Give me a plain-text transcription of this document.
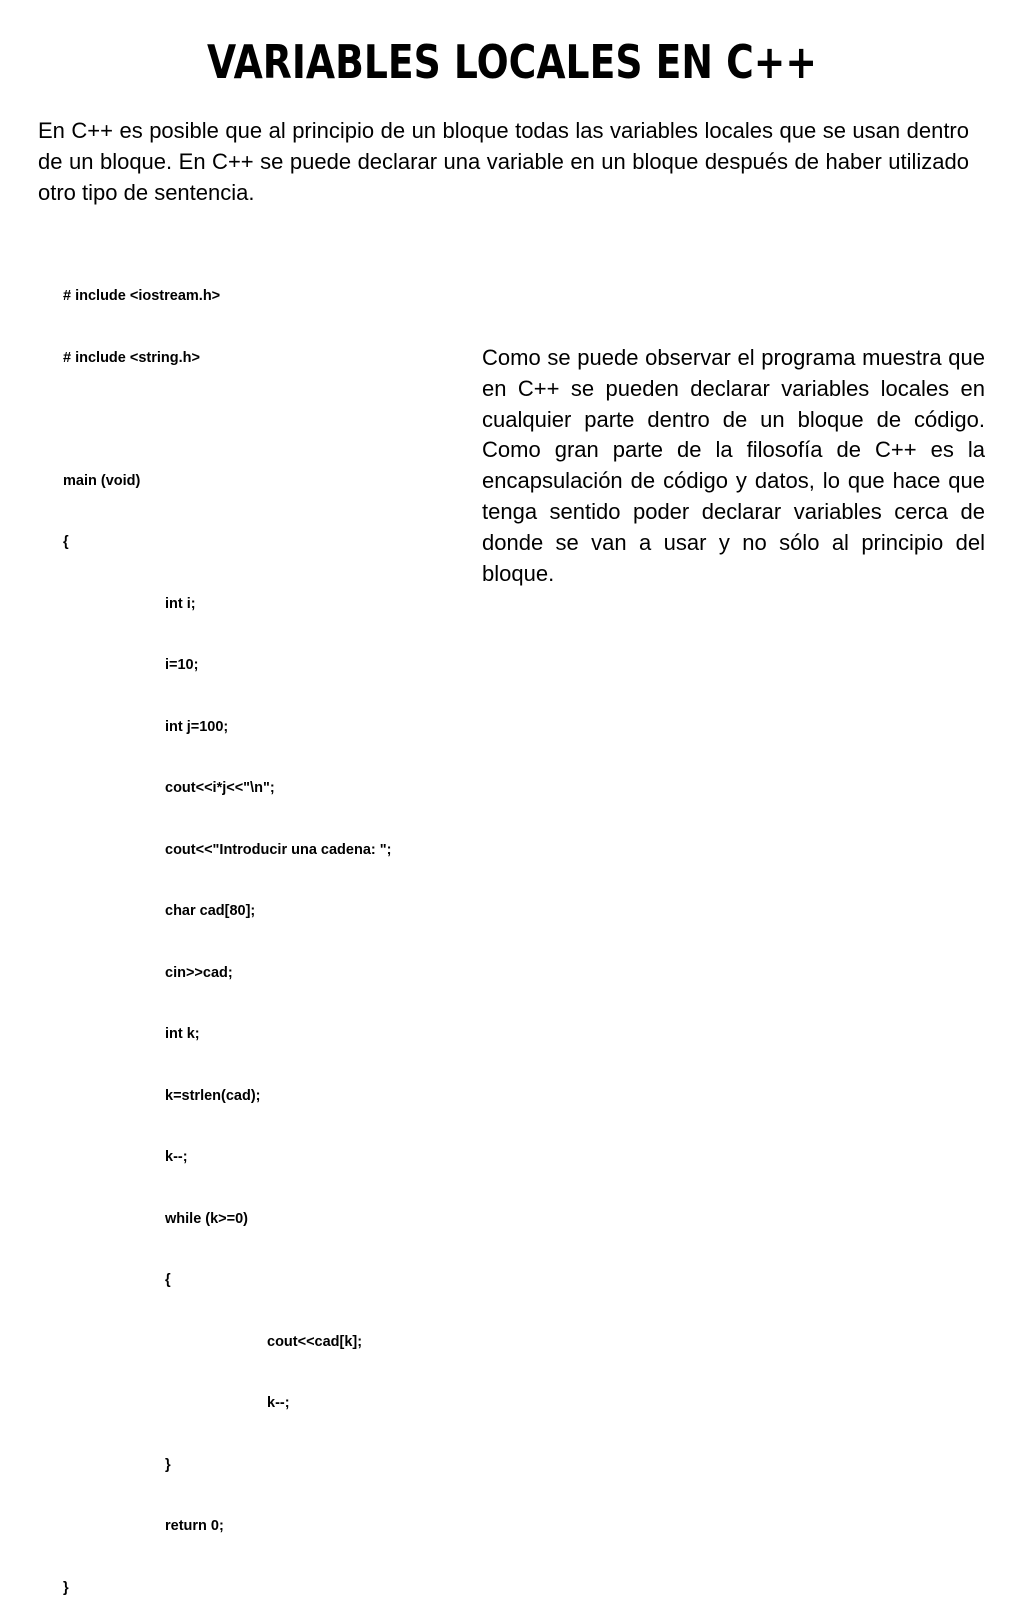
VARIABLES LOCALES EN C++
En C++ es posible que al principio de un bloque todas las variables locales que se usan dentro de un bloque. En C++ se puede declarar una variable en un bloque después de haber utilizado otro tipo de sentencia.

# include <iostream.h>

# include <string.h>

main (void)

{

int i;

i=10;

int j=100;

cout<<i*j<<"\n";

cout<<"Introducir una cadena: ";

char cad[80];

cin>>cad;

int k;

k=strlen(cad);

k--;

while (k>=0)

{

cout<<cad[k];

k--;

}

return 0;

}

Como se puede observar el programa muestra que en C++ se pueden declarar variables locales en cualquier parte dentro de un bloque de código. Como gran parte de la filosofía de C++ es la encapsulación de código y datos, lo que hace que tenga sentido poder declarar variables cerca de donde se van a usar y no sólo al principio del bloque.
